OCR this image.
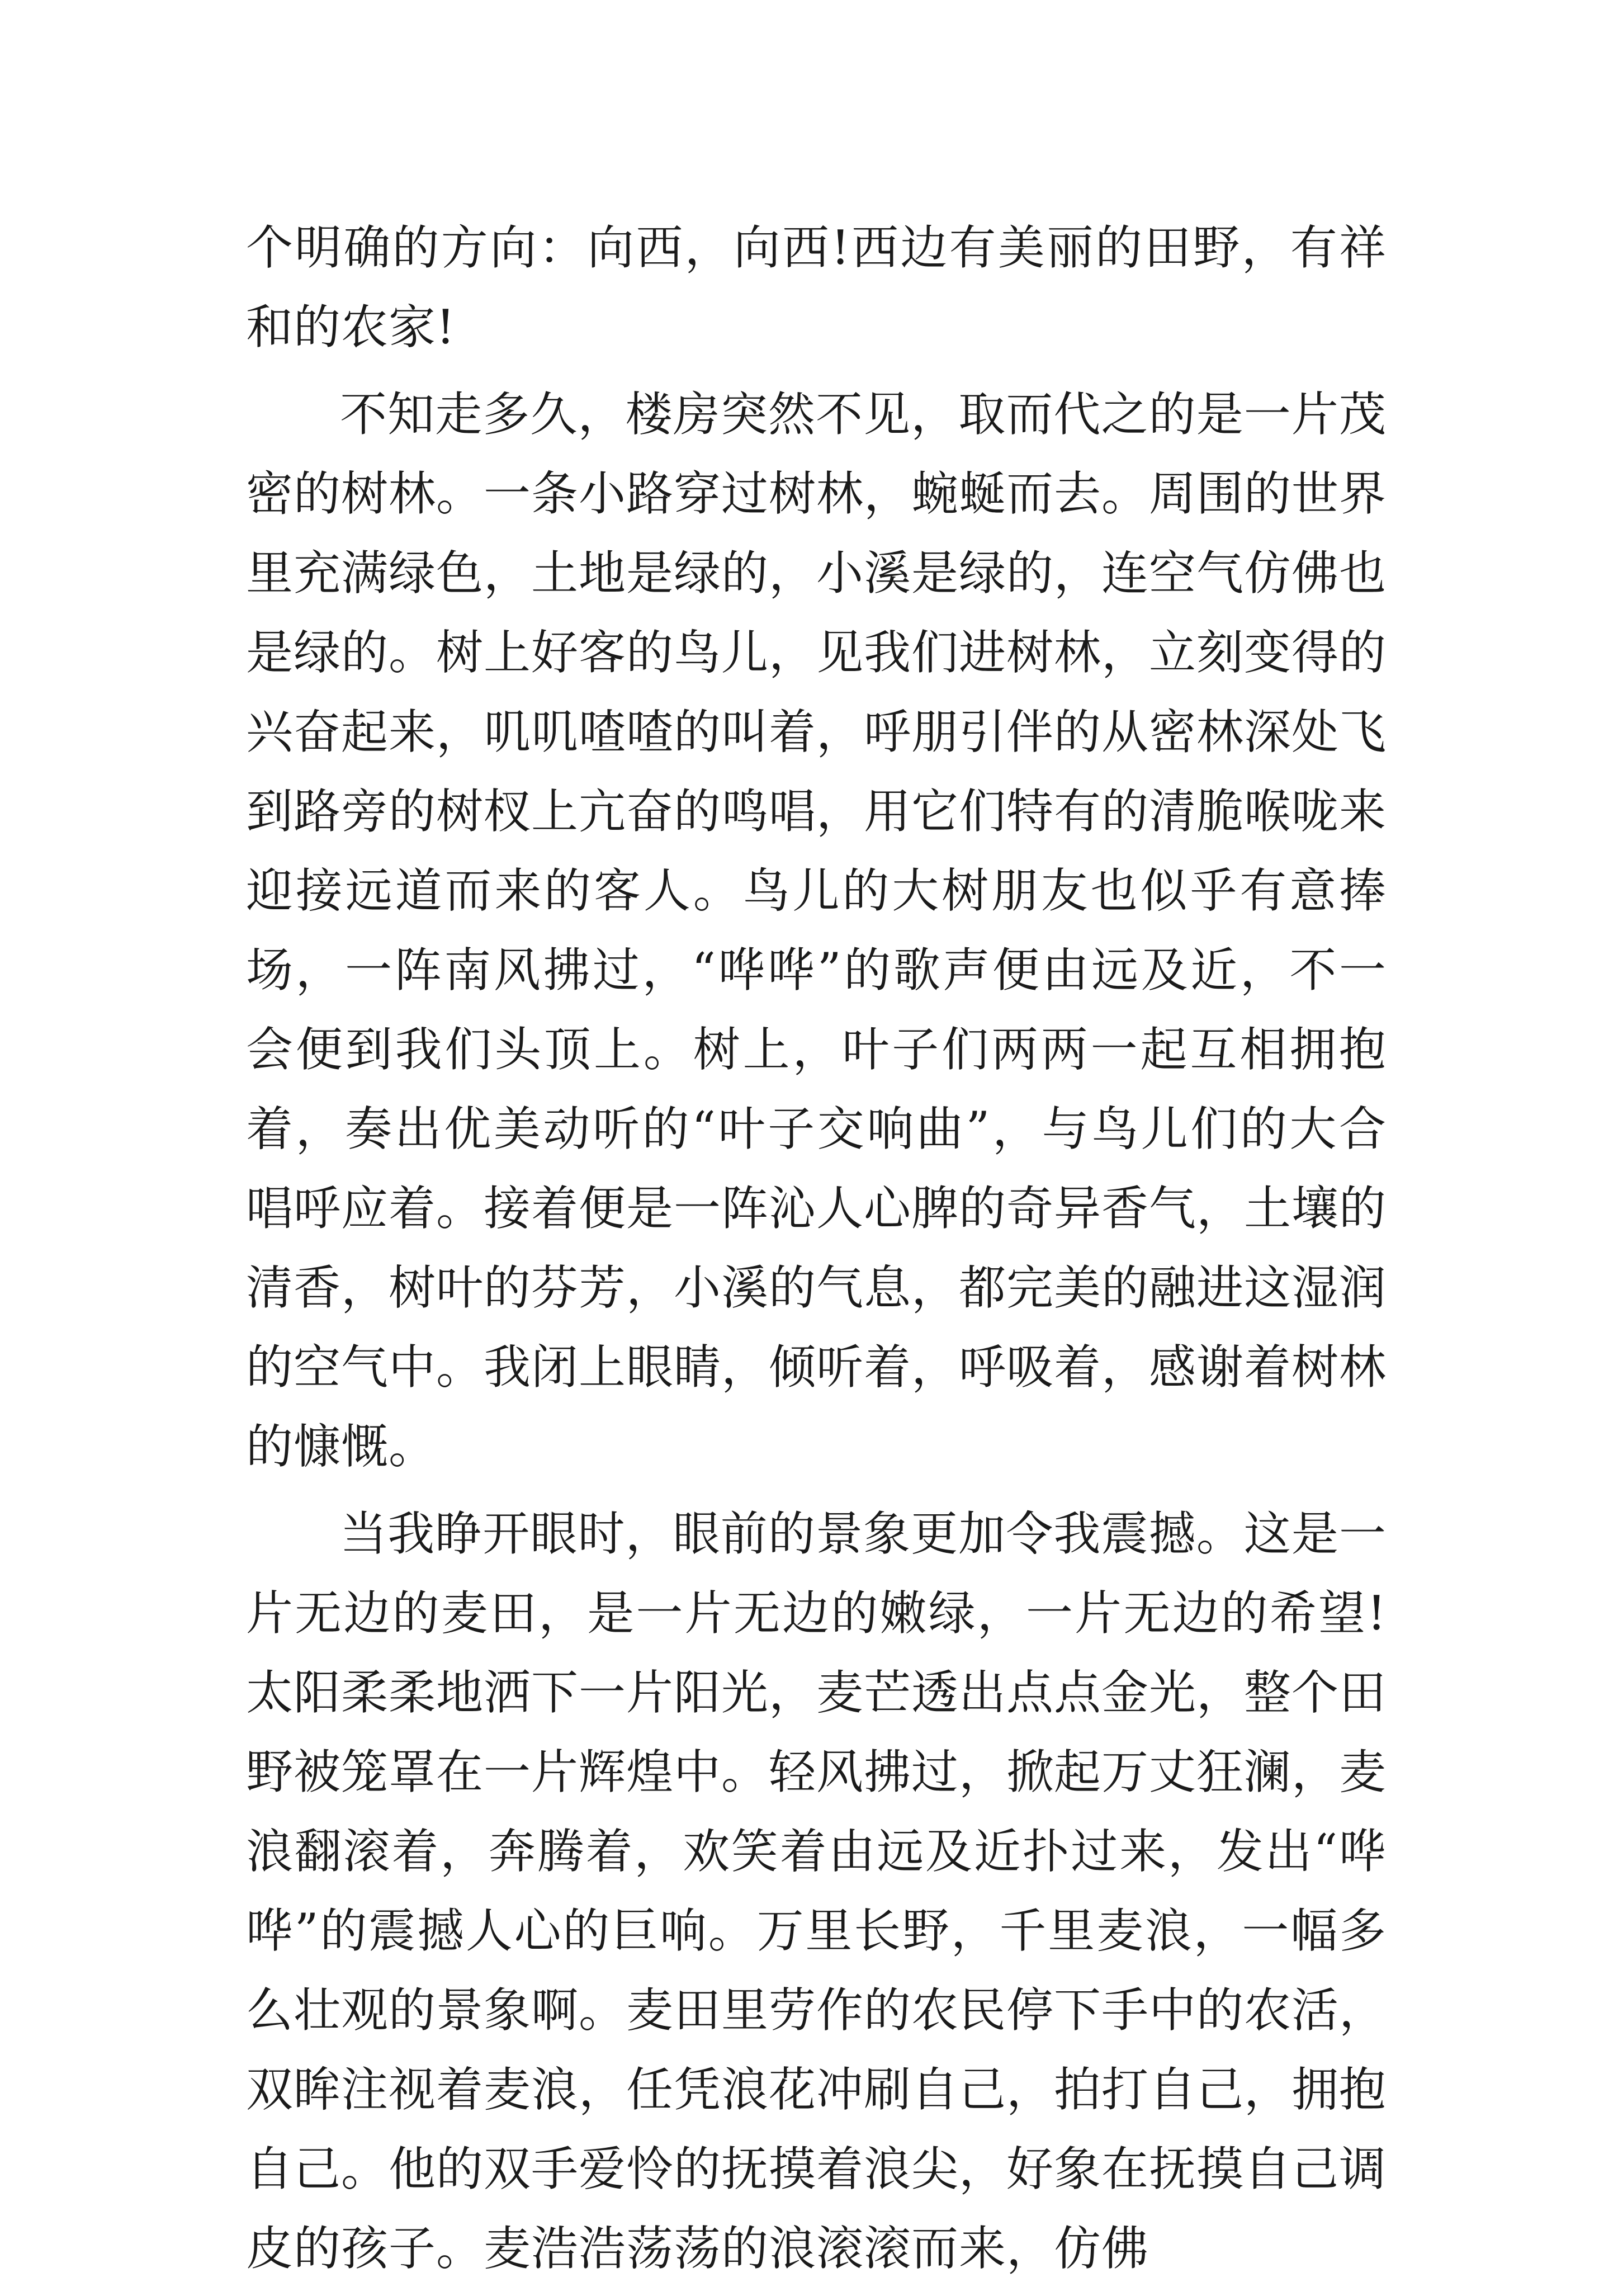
个明确的方向：向西，向西!西边有美丽的田野，有祥和的农家!

不知走多久，楼房突然不见，取而代之的是一片茂密的树林。一条小路穿过树林，蜿蜒而去。周围的世界里充满绿色，土地是绿的，小溪是绿的，连空气仿佛也是绿的。树上好客的鸟儿，见我们进树林，立刻变得的兴奋起来，叽叽喳喳的叫着，呼朋引伴的从密林深处飞到路旁的树杈上亢奋的鸣唱，用它们特有的清脆喉咙来迎接远道而来的客人。鸟儿的大树朋友也似乎有意捧场，一阵南风拂过，“哗哗”的歌声便由远及近，不一会便到我们头顶上。树上，叶子们两两一起互相拥抱着，奏出优美动听的“叶子交响曲”，与鸟儿们的大合唱呼应着。接着便是一阵沁人心脾的奇异香气，土壤的清香，树叶的芬芳，小溪的气息，都完美的融进这湿润的空气中。我闭上眼睛，倾听着，呼吸着，感谢着树林的慷慨。

当我睁开眼时，眼前的景象更加令我震撼。这是一片无边的麦田，是一片无边的嫩绿，一片无边的希望!太阳柔柔地洒下一片阳光，麦芒透出点点金光，整个田野被笼罩在一片辉煌中。轻风拂过，掀起万丈狂澜，麦浪翻滚着，奔腾着，欢笑着由远及近扑过来，发出“哗哗”的震撼人心的巨响。万里长野，千里麦浪，一幅多么壮观的景象啊。麦田里劳作的农民停下手中的农活，双眸注视着麦浪，任凭浪花冲刷自己，拍打自己，拥抱自己。他的双手爱怜的抚摸着浪尖，好象在抚摸自己调皮的孩子。麦浩浩荡荡的浪滚滚而来，仿佛
